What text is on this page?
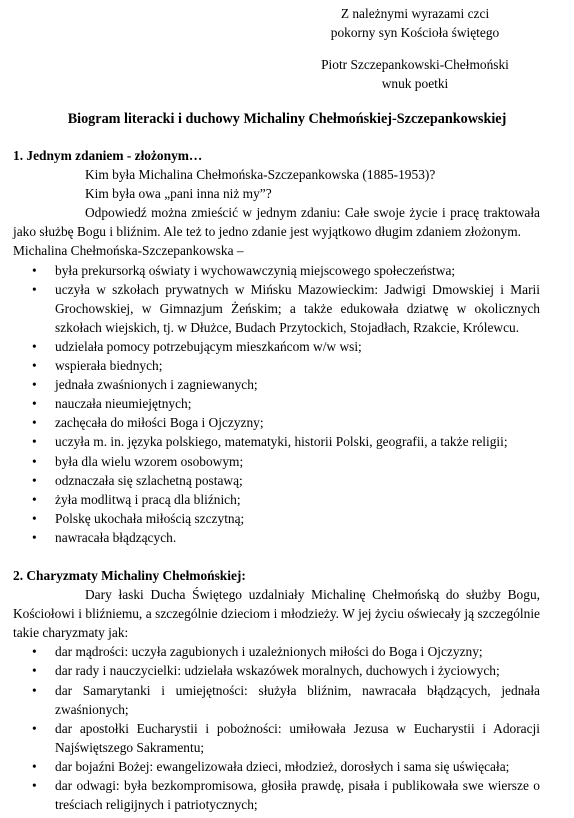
Z należnymi wyrazami czci

pokorny syn Kościoła świętego

Piotr Szczepankowski-Chełmoński

wnuk poetki

Biogram literacki i duchowy Michaliny Chełmońskiej-Szczepankowskiej
1. Jednym zdaniem - złożonym…

Kim była Michalina Chełmońska-Szczepankowska (1885-1953)?

Kim była owa „pani inna niż my”?

Odpowiedź można zmieścić w jednym zdaniu: Całe swoje życie i pracę traktowała jako służbę Bogu i bliźnim. Ale też to jedno zdanie jest wyjątkowo długim zdaniem złożonym.

Michalina Chełmońska-Szczepankowska –

• była prekursorką oświaty i wychowawczynią miejscowego społeczeństwa;
• uczyła w szkołach prywatnych w Mińsku Mazowieckim: Jadwigi Dmowskiej i Marii Grochowskiej, w Gimnazjum Żeńskim; a także edukowała dziatwę w okolicznych szkołach wiejskich, tj. w Dłużce, Budach Przytockich, Stojadłach, Rzakcie, Królewcu.
• udzielała pomocy potrzebującym mieszkańcom w/w wsi;
• wspierała biednych;
• jednała zwaśnionych i zagniewanych;
• nauczała nieumiejętnych;
• zachęcała do miłości Boga i Ojczyzny;
• uczyła m. in. języka polskiego, matematyki, historii Polski, geografii, a także religii;
• była dla wielu wzorem osobowym;
• odznaczała się szlachetną postawą;
• żyła modlitwą i pracą dla bliźnich;
• Polskę ukochała miłością szczytną;
• nawracała błądzących.
2. Charyzmaty Michaliny Chełmońskiej:

Dary łaski Ducha Świętego uzdalniały Michalinę Chełmońską do służby Bogu, Kościołowi i bliźniemu, a szczególnie dzieciom i młodzieży. W jej życiu oświecały ją szczególnie takie charyzmaty jak:

• dar mądrości: uczyła zagubionych i uzależnionych miłości do Boga i Ojczyzny;
• dar rady i nauczycielki: udzielała wskazówek moralnych, duchowych i życiowych;
• dar Samarytanki i umiejętności: służyła bliźnim, nawracała błądzących, jednała zwaśnionych;
• dar apostołki Eucharystii i pobożności: umiłowała Jezusa w Eucharystii i Adoracji Najświętszego Sakramentu;
• dar bojaźni Bożej: ewangelizowała dzieci, młodzież, dorosłych i sama się uświęcała;
• dar odwagi: była bezkompromisowa, głosiła prawdę, pisała i publikowała swe wiersze o treściach religijnych i patriotycznych;
